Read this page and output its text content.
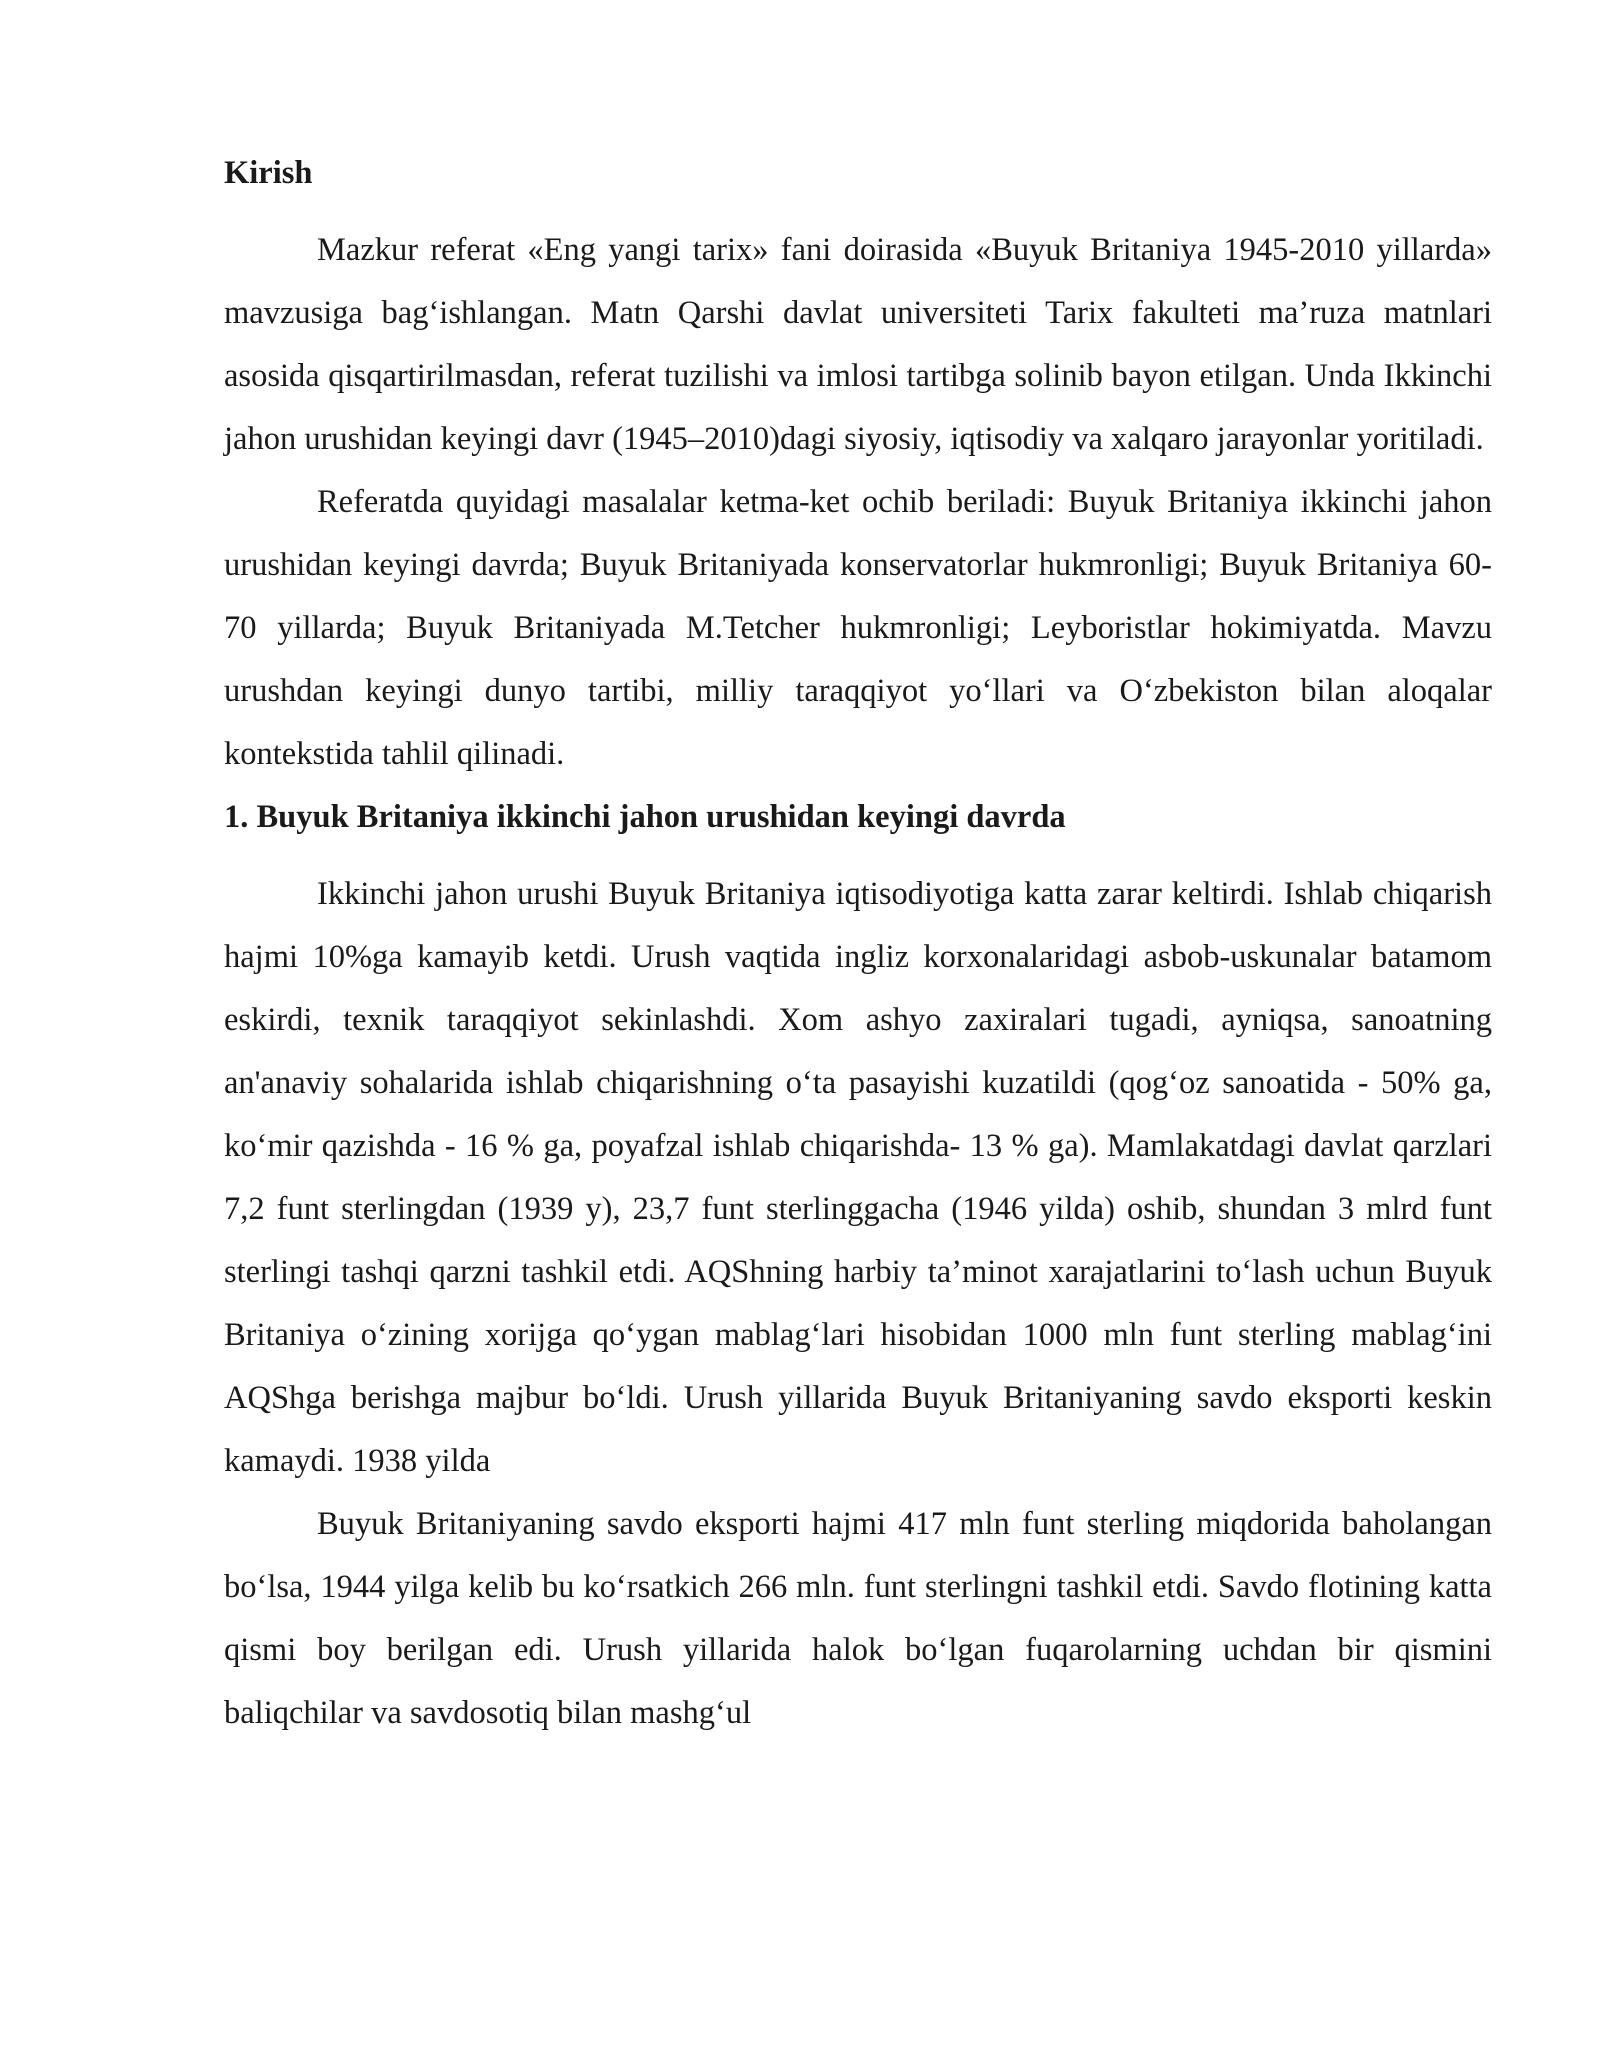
Kirish

Mazkur referat «Eng yangi tarix» fani doirasida «Buyuk Britaniya 1945-2010 yillarda» mavzusiga bag‘ishlangan. Matn Qarshi davlat universiteti Tarix fakulteti ma’ruza matnlari asosida qisqartirilmasdan, referat tuzilishi va imlosi tartibga solinib bayon etilgan. Unda Ikkinchi jahon urushidan keyingi davr (1945–2010)dagi siyosiy, iqtisodiy va xalqaro jarayonlar yoritiladi.

Referatda quyidagi masalalar ketma-ket ochib beriladi: Buyuk Britaniya ikkinchi jahon urushidan keyingi davrda; Buyuk Britaniyada konservatorlar hukmronligi; Buyuk Britaniya 60-70 yillarda; Buyuk Britaniyada M.Tetcher hukmronligi; Leyboristlar hokimiyatda. Mavzu urushdan keyingi dunyo tartibi, milliy taraqqiyot yo‘llari va O‘zbekiston bilan aloqalar kontekstida tahlil qilinadi.

1. Buyuk Britaniya ikkinchi jahon urushidan keyingi davrda

Ikkinchi jahon urushi Buyuk Britaniya iqtisodiyotiga katta zarar keltirdi. Ishlab chiqarish hajmi 10%ga kamayib ketdi. Urush vaqtida ingliz korxonalaridagi asbob-uskunalar batamom eskirdi, texnik taraqqiyot sekinlashdi. Xom ashyo zaxiralari tugadi, ayniqsa, sanoatning an'anaviy sohalarida ishlab chiqarishning o‘ta pasayishi kuzatildi (qog‘oz sanoatida - 50% ga, ko‘mir qazishda - 16 % ga, poyafzal ishlab chiqarishda- 13 % ga). Mamlakatdagi davlat qarzlari 7,2 funt sterlingdan (1939 y), 23,7 funt sterlinggacha (1946 yilda) oshib, shundan 3 mlrd funt sterlingi tashqi qarzni tashkil etdi. AQShning harbiy ta’minot xarajatlarini to‘lash uchun Buyuk Britaniya o‘zining xorijga qo‘ygan mablag‘lari hisobidan 1000 mln funt sterling mablag‘ini AQShga berishga majbur bo‘ldi. Urush yillarida Buyuk Britaniyaning savdo eksporti keskin kamaydi. 1938 yilda

Buyuk Britaniyaning savdo eksporti hajmi 417 mln funt sterling miqdorida baholangan bo‘lsa, 1944 yilga kelib bu ko‘rsatkich 266 mln. funt sterlingni tashkil etdi. Savdo flotining katta qismi boy berilgan edi. Urush yillarida halok bo‘lgan fuqarolarning uchdan bir qismini baliqchilar va savdosotiq bilan mashg‘ul
